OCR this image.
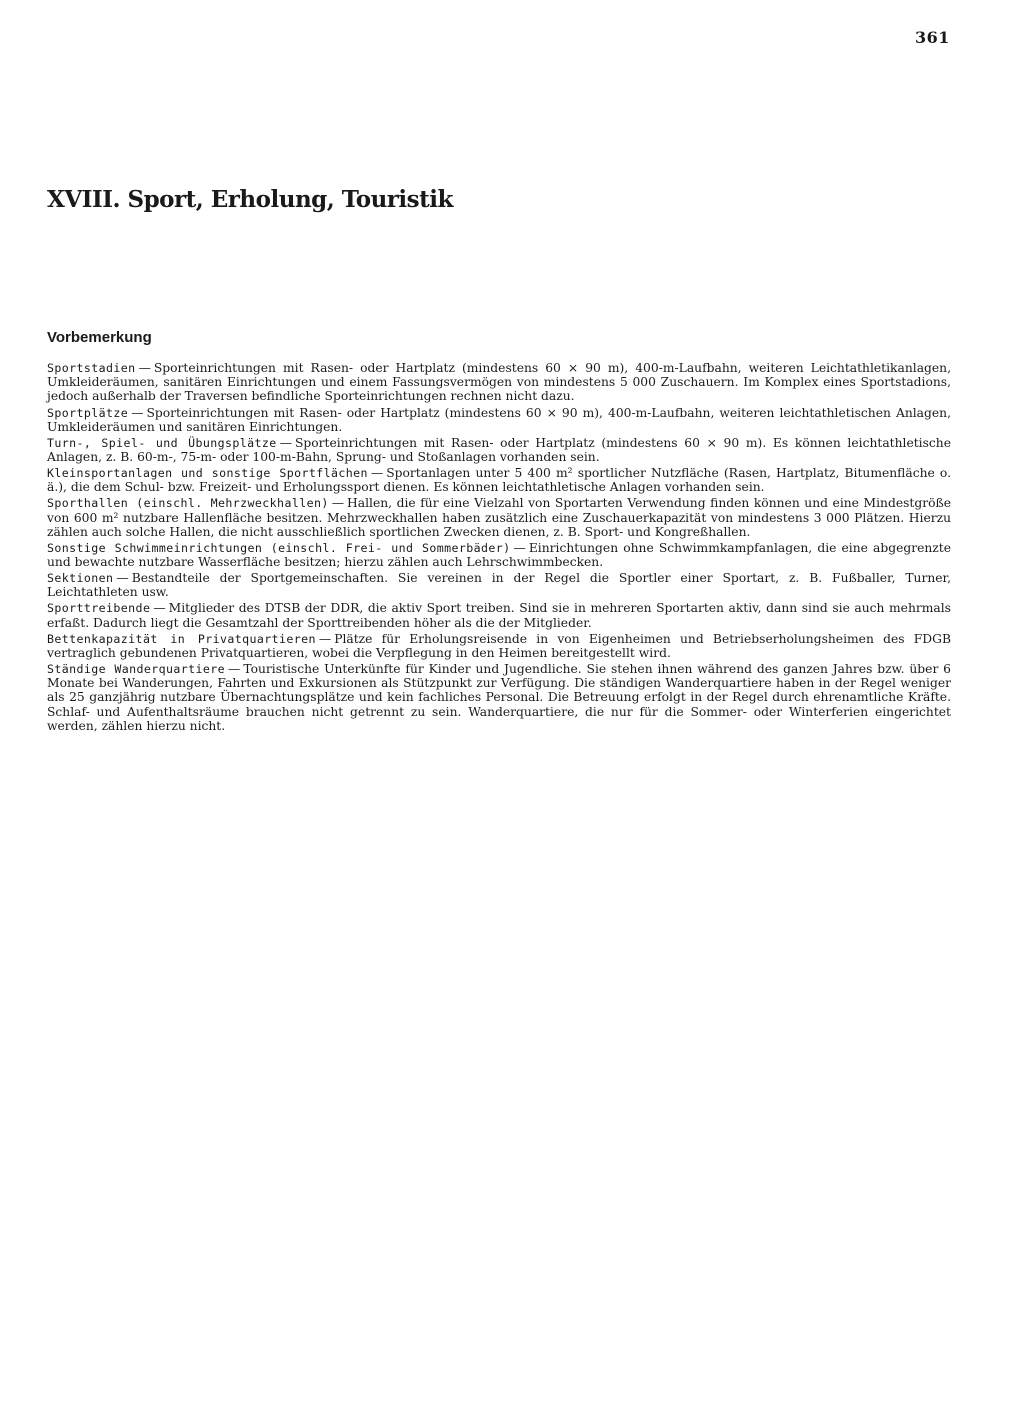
361
XVIII. Sport, Erholung, Touristik
Vorbemerkung

Sportstadien — Sporteinrichtungen mit Rasen- oder Hartplatz (mindestens 60 × 90 m), 400-m-Laufbahn, weiteren Leichtathletikanlagen, Umkleideräumen, sanitären Einrichtungen und einem Fassungsvermögen von mindestens 5 000 Zuschauern. Im Komplex eines Sportstadions, jedoch außerhalb der Traversen befindliche Sporteinrichtungen rechnen nicht dazu.

Sportplätze — Sporteinrichtungen mit Rasen- oder Hartplatz (mindestens 60 × 90 m), 400-m-Laufbahn, weiteren leichtathletischen Anlagen, Umkleideräumen und sanitären Einrichtungen.

Turn-, Spiel- und Übungsplätze — Sporteinrichtungen mit Rasen- oder Hartplatz (mindestens 60 × 90 m). Es können leichtathletische Anlagen, z. B. 60-m-, 75-m- oder 100-m-Bahn, Sprung- und Stoßanlagen vorhanden sein.

Kleinsportanlagen und sonstige Sportflächen — Sportanlagen unter 5 400 m² sportlicher Nutzfläche (Rasen, Hartplatz, Bitumenfläche o. ä.), die dem Schul- bzw. Freizeit- und Erholungssport dienen. Es können leichtathletische Anlagen vorhanden sein.

Sporthallen (einschl. Mehrzweckhallen) — Hallen, die für eine Vielzahl von Sportarten Verwendung finden können und eine Mindestgröße von 600 m² nutzbare Hallenfläche besitzen. Mehrzweckhallen haben zusätzlich eine Zuschauerkapazität von mindestens 3 000 Plätzen. Hierzu zählen auch solche Hallen, die nicht ausschließlich sportlichen Zwecken dienen, z. B. Sport- und Kongreßhallen.

Sonstige Schwimmeinrichtungen (einschl. Frei- und Sommerbäder) — Einrichtungen ohne Schwimmkampfanlagen, die eine abgegrenzte und bewachte nutzbare Wasserfläche besitzen; hierzu zählen auch Lehrschwimmbecken.

Sektionen — Bestandteile der Sportgemeinschaften. Sie vereinen in der Regel die Sportler einer Sportart, z. B. Fußballer, Turner, Leichtathleten usw.

Sporttreibende — Mitglieder des DTSB der DDR, die aktiv Sport treiben. Sind sie in mehreren Sportarten aktiv, dann sind sie auch mehrmals erfaßt. Dadurch liegt die Gesamtzahl der Sporttreibenden höher als die der Mitglieder.

Bettenkapazität in Privatquartieren — Plätze für Erholungsreisende in von Eigenheimen und Betriebserholungsheimen des FDGB vertraglich gebundenen Privatquartieren, wobei die Verpflegung in den Heimen bereitgestellt wird.

Ständige Wanderquartiere — Touristische Unterkünfte für Kinder und Jugendliche. Sie stehen ihnen während des ganzen Jahres bzw. über 6 Monate bei Wanderungen, Fahrten und Exkursionen als Stützpunkt zur Verfügung. Die ständigen Wanderquartiere haben in der Regel weniger als 25 ganzjährig nutzbare Übernachtungsplätze und kein fachliches Personal. Die Betreuung erfolgt in der Regel durch ehrenamtliche Kräfte. Schlaf- und Aufenthaltsräume brauchen nicht getrennt zu sein. Wanderquartiere, die nur für die Sommer- oder Winterferien eingerichtet werden, zählen hierzu nicht.
